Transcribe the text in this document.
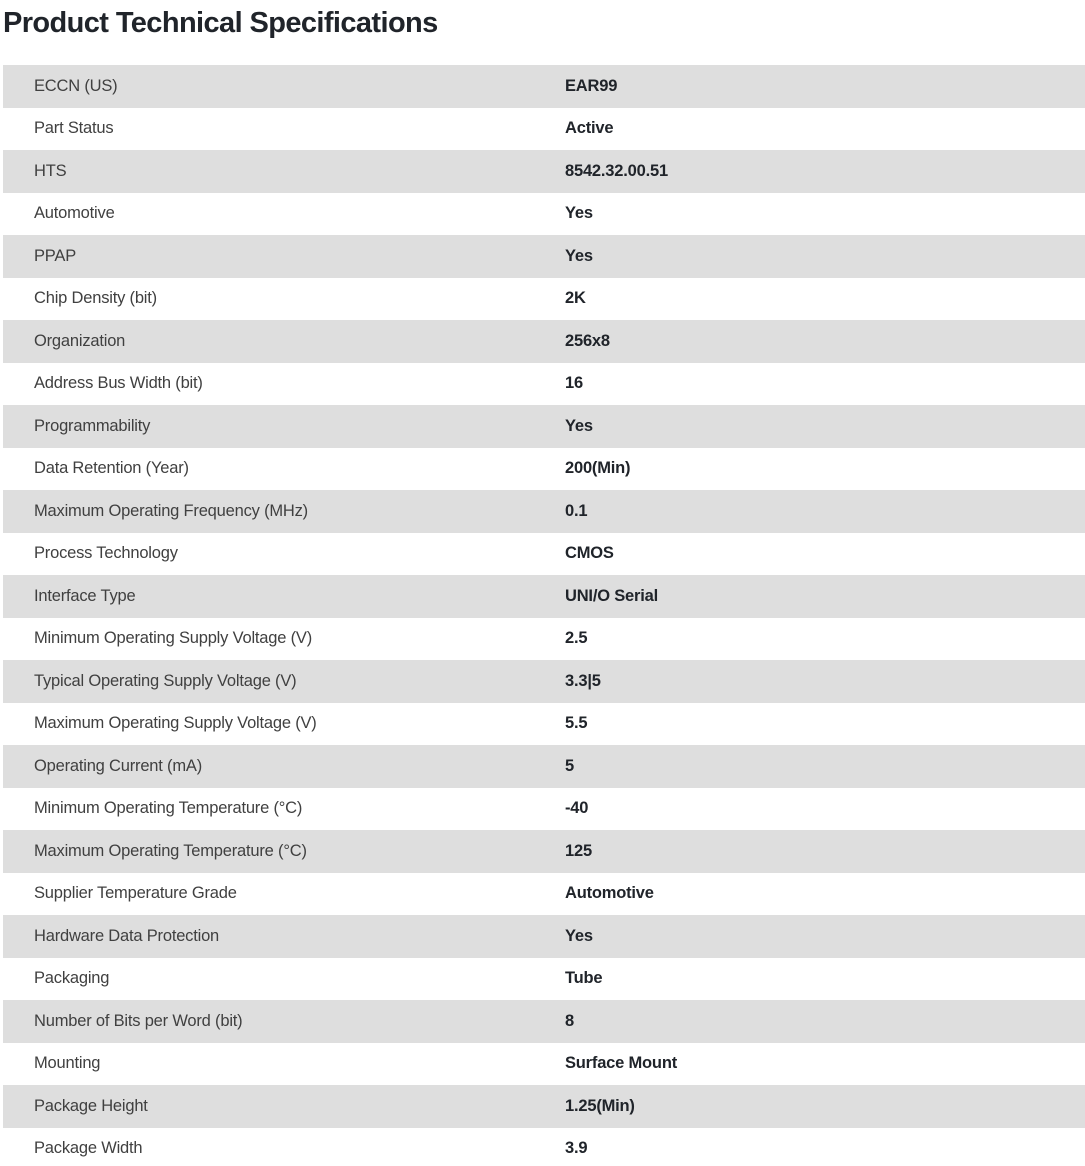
Product Technical Specifications
ECCN (US)	EAR99
Part Status	Active
HTS	8542.32.00.51
Automotive	Yes
PPAP	Yes
Chip Density (bit)	2K
Organization	256x8
Address Bus Width (bit)	16
Programmability	Yes
Data Retention (Year)	200(Min)
Maximum Operating Frequency (MHz)	0.1
Process Technology	CMOS
Interface Type	UNI/O Serial
Minimum Operating Supply Voltage (V)	2.5
Typical Operating Supply Voltage (V)	3.3|5
Maximum Operating Supply Voltage (V)	5.5
Operating Current (mA)	5
Minimum Operating Temperature (°C)	-40
Maximum Operating Temperature (°C)	125
Supplier Temperature Grade	Automotive
Hardware Data Protection	Yes
Packaging	Tube
Number of Bits per Word (bit)	8
Mounting	Surface Mount
Package Height	1.25(Min)
Package Width	3.9
